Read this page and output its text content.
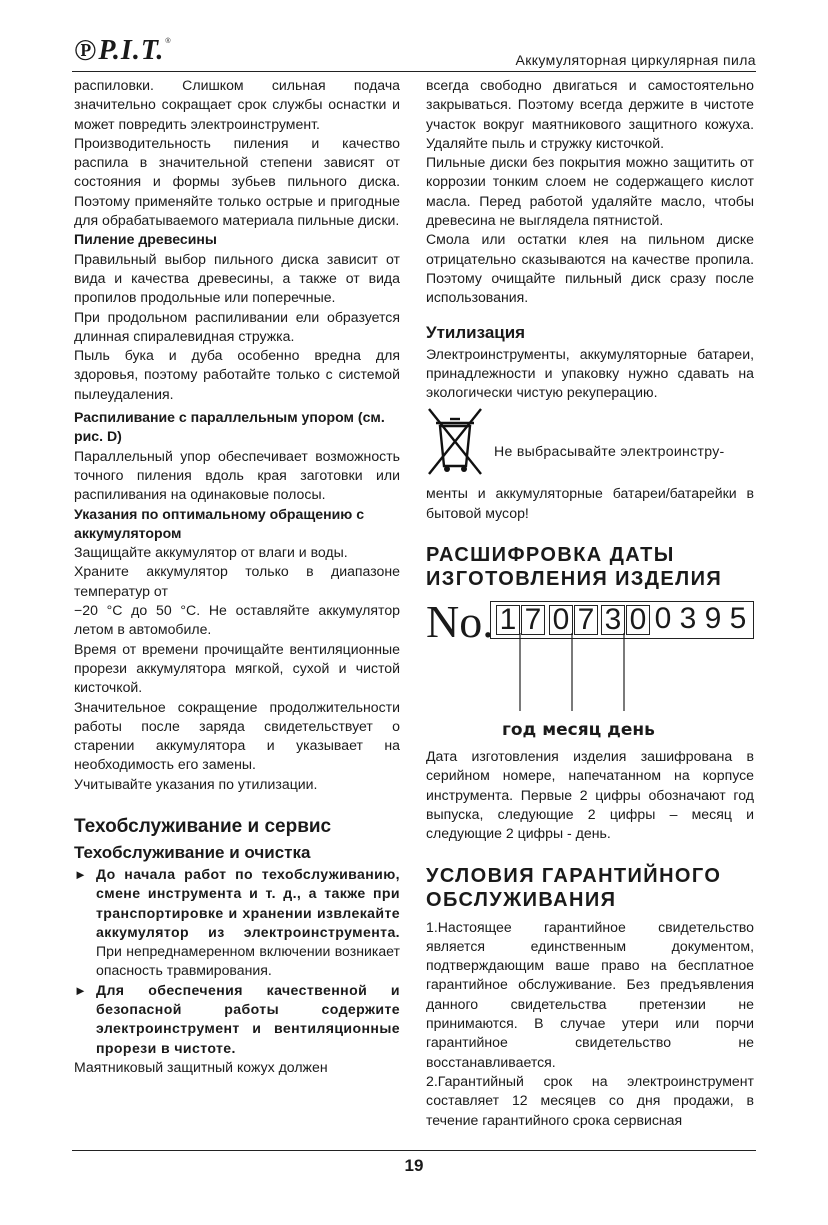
℗ P.I.T. ®
Аккумуляторная циркулярная пила

распиловки. Слишком сильная подача значительно сокращает срок службы оснастки и может повредить электроинструмент.

Производительность пиления и качество распила в значительной степени зависят от состояния и формы зубьев пильного диска. Поэтому применяйте только острые и пригодные для обрабатываемого материала пильные диски.

Пиление древесины

Правильный выбор пильного диска зависит от вида и качества древесины, а также от вида пропилов продольные или поперечные.

При продольном распиливании ели образуется длинная спиралевидная стружка.

Пыль бука и дуба особенно вредна для здоровья, поэтому работайте только с системой пылеудаления.

Распиливание с параллельным упором (см. рис. D)

Параллельный упор обеспечивает возможность точного пиления вдоль края заготовки или распиливания на одинаковые полосы.

Указания по оптимальному обращению с аккумулятором

Защищайте аккумулятор от влаги и воды.

Храните аккумулятор только в диапазоне температур от

−20 °C до 50 °C. Не оставляйте аккумулятор летом в автомобиле.

Время от времени прочищайте вентиляционные прорези аккумулятора мягкой, сухой и чистой кисточкой.

Значительное сокращение продолжительности работы после заряда свидетельствует о старении аккумулятора и указывает на необходимость его замены.

Учитывайте указания по утилизации.

Техобслуживание и сервис
Техобслуживание и очистка
► До начала работ по техобслуживанию, смене инструмента и т. д., а также при транспортировке и хранении извлекайте аккумулятор из электроинструмента. При непреднамеренном включении возникает опасность травмирования.
► Для обеспечения качественной и безопасной работы содержите электроинструмент и вентиляционные прорези в чистоте.

Маятниковый защитный кожух должен

всегда свободно двигаться и самостоятельно закрываться. Поэтому всегда держите в чистоте участок вокруг маятникового защитного кожуха. Удаляйте пыль и стружку кисточкой.

Пильные диски без покрытия можно защитить от коррозии тонким слоем не содержащего кислот масла. Перед работой удаляйте масло, чтобы древесина не выглядела пятнистой.

Смола или остатки клея на пильном диске отрицательно сказываются на качестве пропила. Поэтому очищайте пильный диск сразу после использования.

Утилизация

Электроинструменты, аккумуляторные батареи, принадлежности и упаковку нужно сдавать на экологически чистую рекуперацию.

Не выбрасывайте электроинстру-

менты и аккумуляторные батареи/батарейки в бытовой мусор!

РАСШИФРОВКА ДАТЫ ИЗГОТОВЛЕНИЯ ИЗДЕЛИЯ
No. 1 7 0 7 3 0 0 3 9 5
год месяц день

Дата изготовления изделия зашифрована в серийном номере, напечатанном на корпусе инструмента. Первые 2 цифры обозначают год выпуска, следующие 2 цифры – месяц и следующие 2 цифры - день.

УСЛОВИЯ ГАРАНТИЙНОГО ОБСЛУЖИВАНИЯ

1.Настоящее гарантийное свидетельство является единственным документом, подтверждающим ваше право на бесплатное гарантийное обслуживание. Без предъявления данного свидетельства претензии не принимаются. В случае утери или порчи гарантийное свидетельство не восстанавливается.

2.Гарантийный срок на электроинструмент составляет 12 месяцев со дня продажи, в течение гарантийного срока сервисная

19
